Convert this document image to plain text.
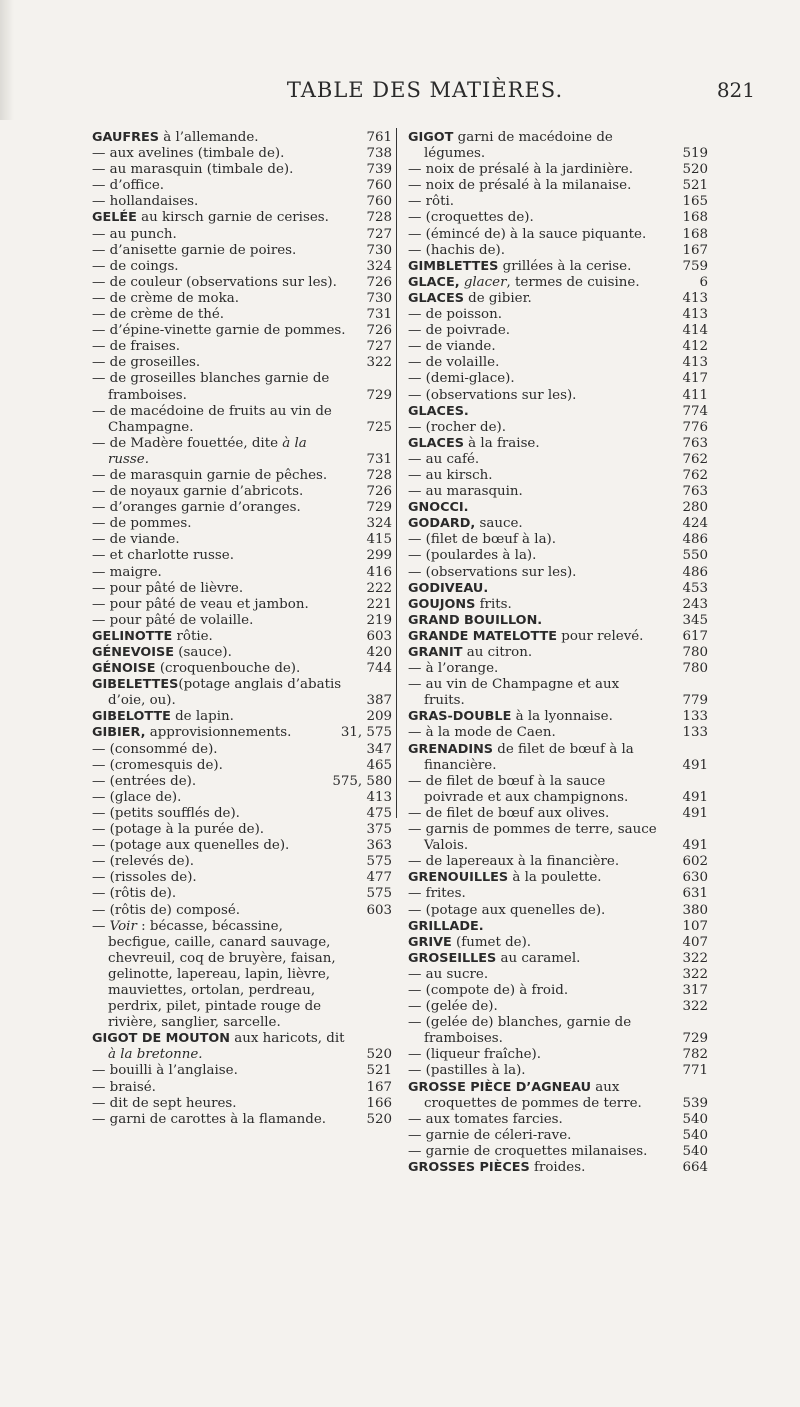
TABLE DES MATIÈRES.	821
GAUFRES à l’allemande.	761
— aux avelines (timbale de).	738
— au marasquin (timbale de).	739
— d’office.	760
— hollandaises.	760
GELÉE au kirsch garnie de cerises.	728
— au punch.	727
— d’anisette garnie de poires.	730
— de coings.	324
— de couleur (observations sur les).	726
— de crème de moka.	730
— de crème de thé.	731
— d’épine-vinette garnie de pommes. 726
— de fraises.	727
— de groseilles.	322
— de groseilles blanches garnie de framboises.	729
— de macédoine de fruits au vin de Champagne.	725
— de Madère fouettée, dite à la russe.	731
— de marasquin garnie de pêches.	728
— de noyaux garnie d’abricots.	726
— d’oranges garnie d’oranges.	729
— de pommes.	324
— de viande.	415
— et charlotte russe.	299
— maigre.	416
— pour pâté de lièvre.	222
— pour pâté de veau et jambon.	221
— pour pâté de volaille.	219
GELINOTTE rôtie.	603
GÉNEVOISE (sauce).	420
GÉNOISE (croquenbouche de).	744
GIBELETTES(potage anglais d’abatis d’oie, ou).	387
GIBELOTTE de lapin.	209
GIBIER, approvisionnements.	31, 575
— (consommé de).	347
— (cromesquis de).	465
— (entrées de).	575, 580
— (glace de).	413
— (petits soufflés de).	475
— (potage à la purée de).	375
— (potage aux quenelles de).	363
— (relevés de).	575
— (rissoles de).	477
— (rôtis de).	575
— (rôtis de) composé.	603
— Voir : bécasse, bécassine, becfigue, caille, canard sauvage, chevreuil, coq de bruyère, faisan, gelinotte, lapereau, lapin, lièvre, mauviettes, ortolan, perdreau, perdrix, pilet, pintade rouge de rivière, sanglier, sarcelle.
GIGOT DE MOUTON aux haricots, dit à la bretonne.	520
— bouilli à l’anglaise.	521
— braisé.	167
— dit de sept heures.	166
— garni de carottes à la flamande.	520
GIGOT garni de macédoine de légumes.	519
— noix de présalé à la jardinière.	520
— noix de présalé à la milanaise.	521
— rôti.	165
— (croquettes de).	168
— (émincé de) à la sauce piquante.	168
— (hachis de).	167
GIMBLETTES grillées à la cerise.	759
GLACE, glacer, termes de cuisine.	6
GLACES de gibier.	413
— de poisson.	413
— de poivrade.	414
— de viande.	412
— de volaille.	413
— (demi-glace).	417
— (observations sur les).	411
GLACES.	774
— (rocher de).	776
GLACES à la fraise.	763
— au café.	762
— au kirsch.	762
— au marasquin.	763
GNOCCI.	280
GODARD, sauce.	424
— (filet de bœuf à la).	486
— (poulardes à la).	550
— (observations sur les).	486
GODIVEAU.	453
GOUJONS frits.	243
GRAND BOUILLON.	345
GRANDE MATELOTTE pour relevé.	617
GRANIT au citron.	780
— à l’orange.	780
— au vin de Champagne et aux fruits.	779
GRAS-DOUBLE à la lyonnaise.	133
— à la mode de Caen.	133
GRENADINS de filet de bœuf à la financière.	491
— de filet de bœuf à la sauce poivrade et aux champignons.	491
— de filet de bœuf aux olives.	491
— garnis de pommes de terre, sauce Valois.	491
— de lapereaux à la financière.	602
GRENOUILLES à la poulette.	630
— frites.	631
— (potage aux quenelles de).	380
GRILLADE.	107
GRIVE (fumet de).	407
GROSEILLES au caramel.	322
— au sucre.	322
— (compote de) à froid.	317
— (gelée de).	322
— (gelée de) blanches, garnie de framboises.	729
— (liqueur fraîche).	782
— (pastilles à la).	771
GROSSE PIÈCE D’AGNEAU aux croquettes de pommes de terre.	539
— aux tomates farcies.	540
— garnie de céleri-rave.	540
— garnie de croquettes milanaises.	540
GROSSES PIÈCES froides.	664
